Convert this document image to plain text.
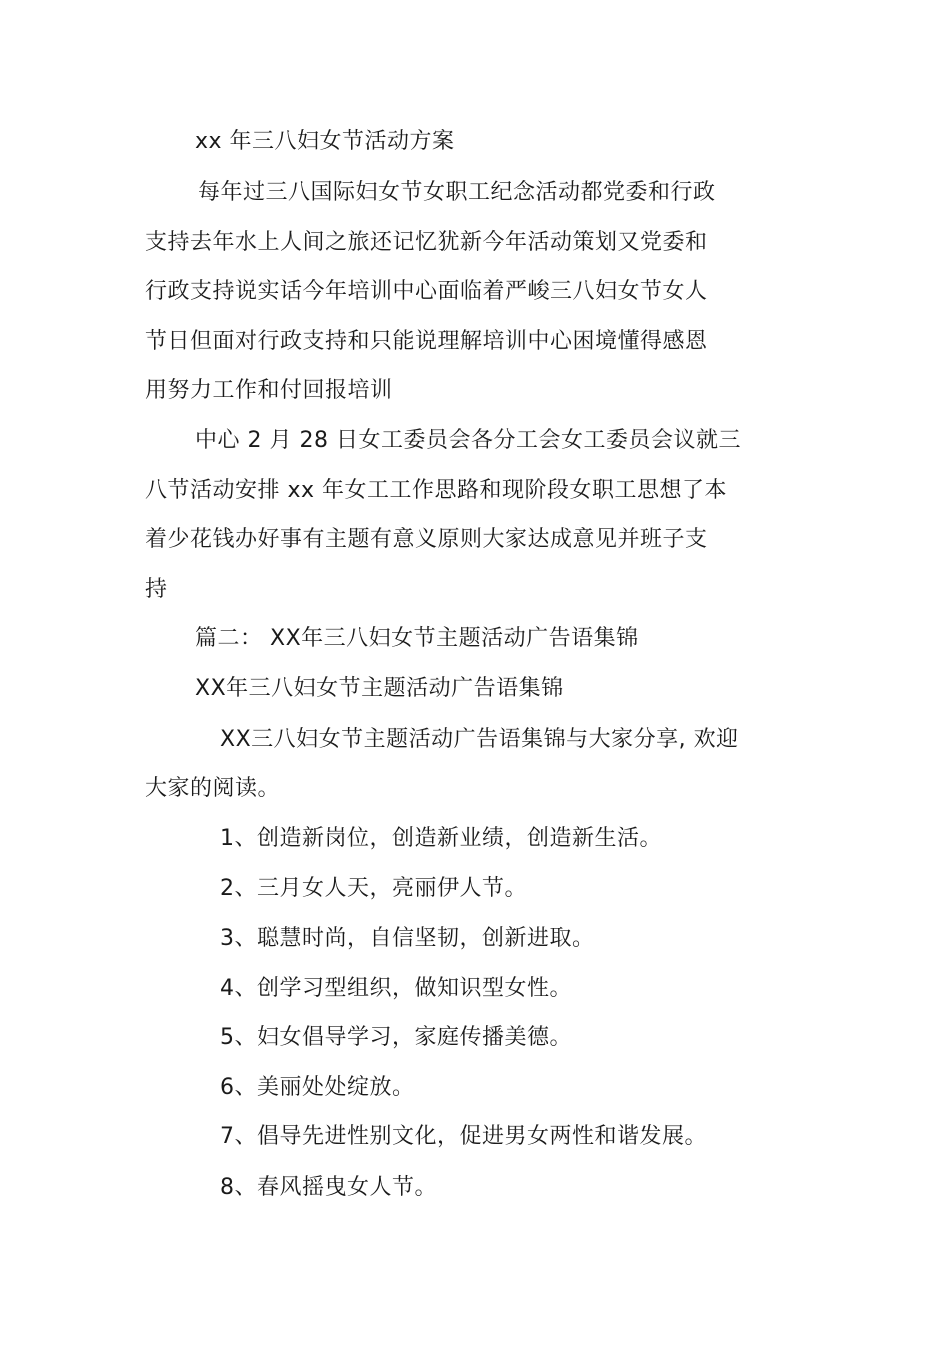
xx 年三八妇女节活动方案
每年过三八国际妇女节女职工纪念活动都党委和行政
支持去年水上人间之旅还记忆犹新今年活动策划又党委和
行政支持说实话今年培训中心面临着严峻三八妇女节女人
节日但面对行政支持和只能说理解培训中心困境懂得感恩
用努力工作和付回报培训
中心 2 月 28 日女工委员会各分工会女工委员会议就三
八节活动安排 xx 年女工工作思路和现阶段女职工思想了本
着少花钱办好事有主题有意义原则大家达成意见并班子支
持
篇二： XX年三八妇女节主题活动广告语集锦
XX年三八妇女节主题活动广告语集锦
XX三八妇女节主题活动广告语集锦与大家分享, 欢迎
大家的阅读。
1、创造新岗位，创造新业绩，创造新生活。
2、三月女人天，亮丽伊人节。
3、聪慧时尚，自信坚韧，创新进取。
4、创学习型组织，做知识型女性。
5、妇女倡导学习，家庭传播美德。
6、美丽处处绽放。
7、倡导先进性别文化，促进男女两性和谐发展。
8、春风摇曳女人节。
